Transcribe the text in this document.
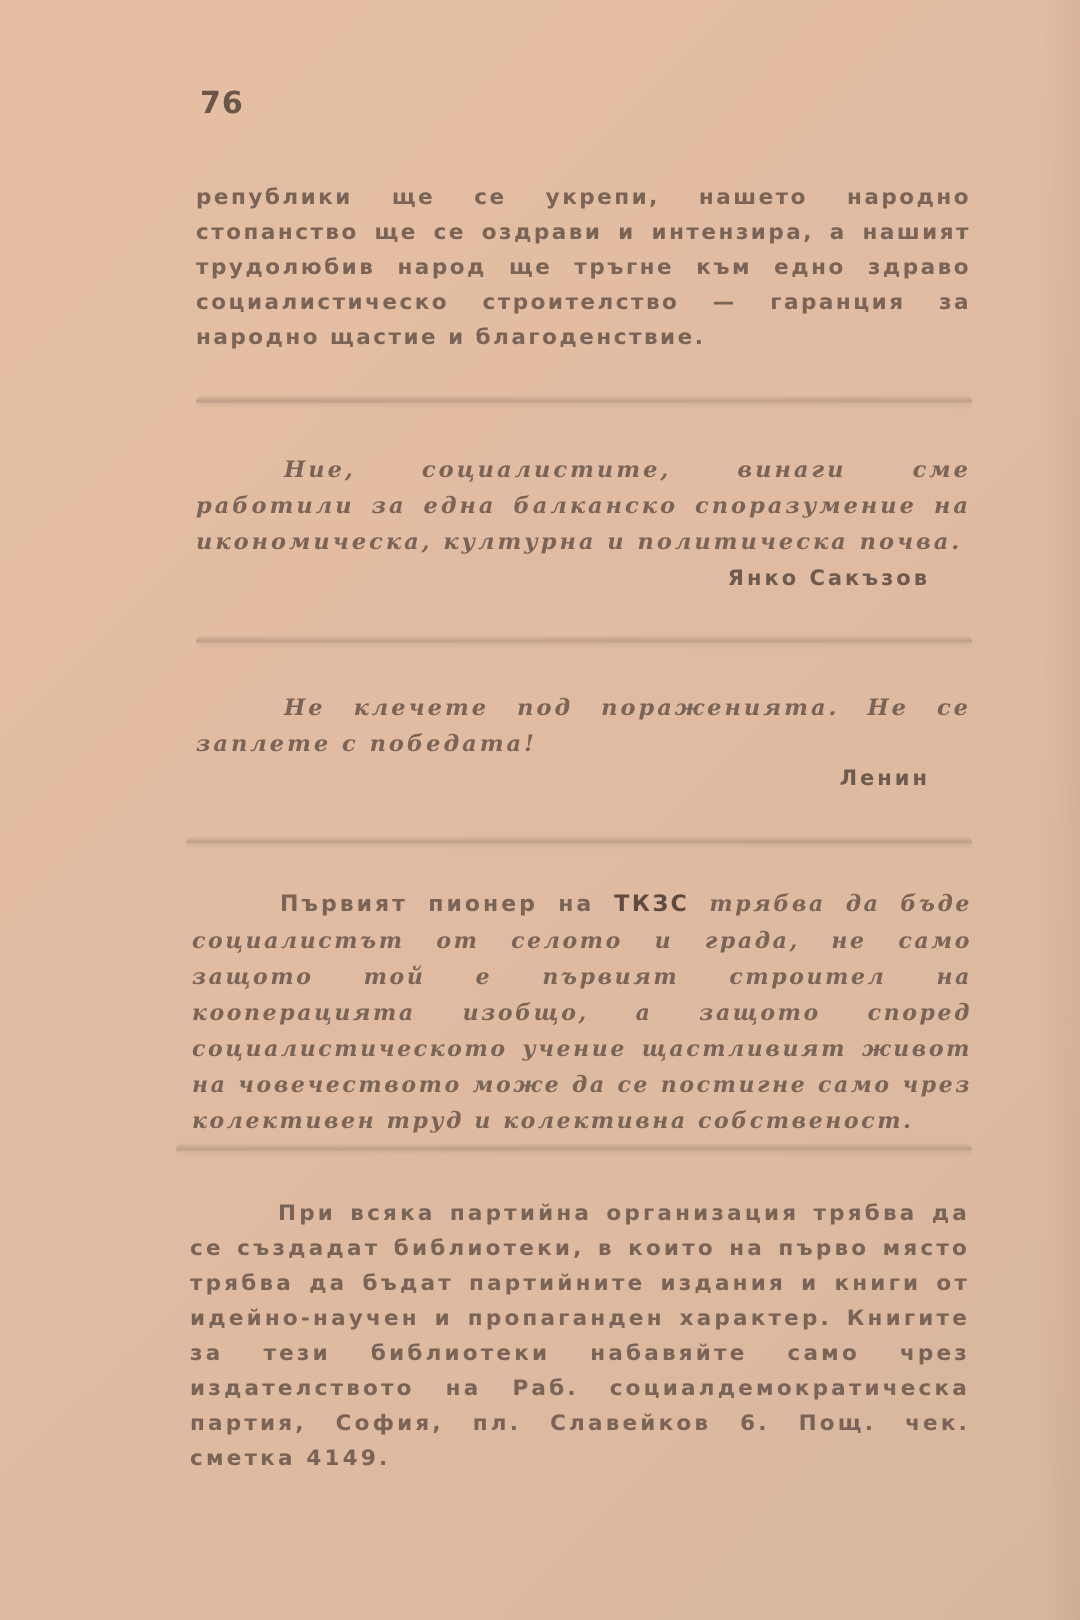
76

републики ще се укрепи, нашето народно стопанство ще се оздрави и интензира, а нашият трудолюбив народ ще тръгне към едно здраво социалистическо строителство — гаранция за народно щастие и благоденствие.

Ние, социалистите, винаги сме работили за една балканско споразумение на икономическа, културна и политическа почва.

Янко Сакъзов

Не клечете под пораженията. Не се заплете с победата!

Ленин

Първият пионер на ТКЗС трябва да бъде социалистът от селото и града, не само защото той е първият строител на кооперацията изобщо, а защото според социалистическото учение щастливият живот на човечеството може да се постигне само чрез колективен труд и колективна собственост.

При всяка партийна организация трябва да се създадат библиотеки, в които на първо място трябва да бъдат партийните издания и книги от идейно-научен и пропаганден характер. Книгите за тези библиотеки набавяйте само чрез издателството на Раб. социалдемократическа партия, София, пл. Славейков 6. Пощ. чек. сметка 4149.
